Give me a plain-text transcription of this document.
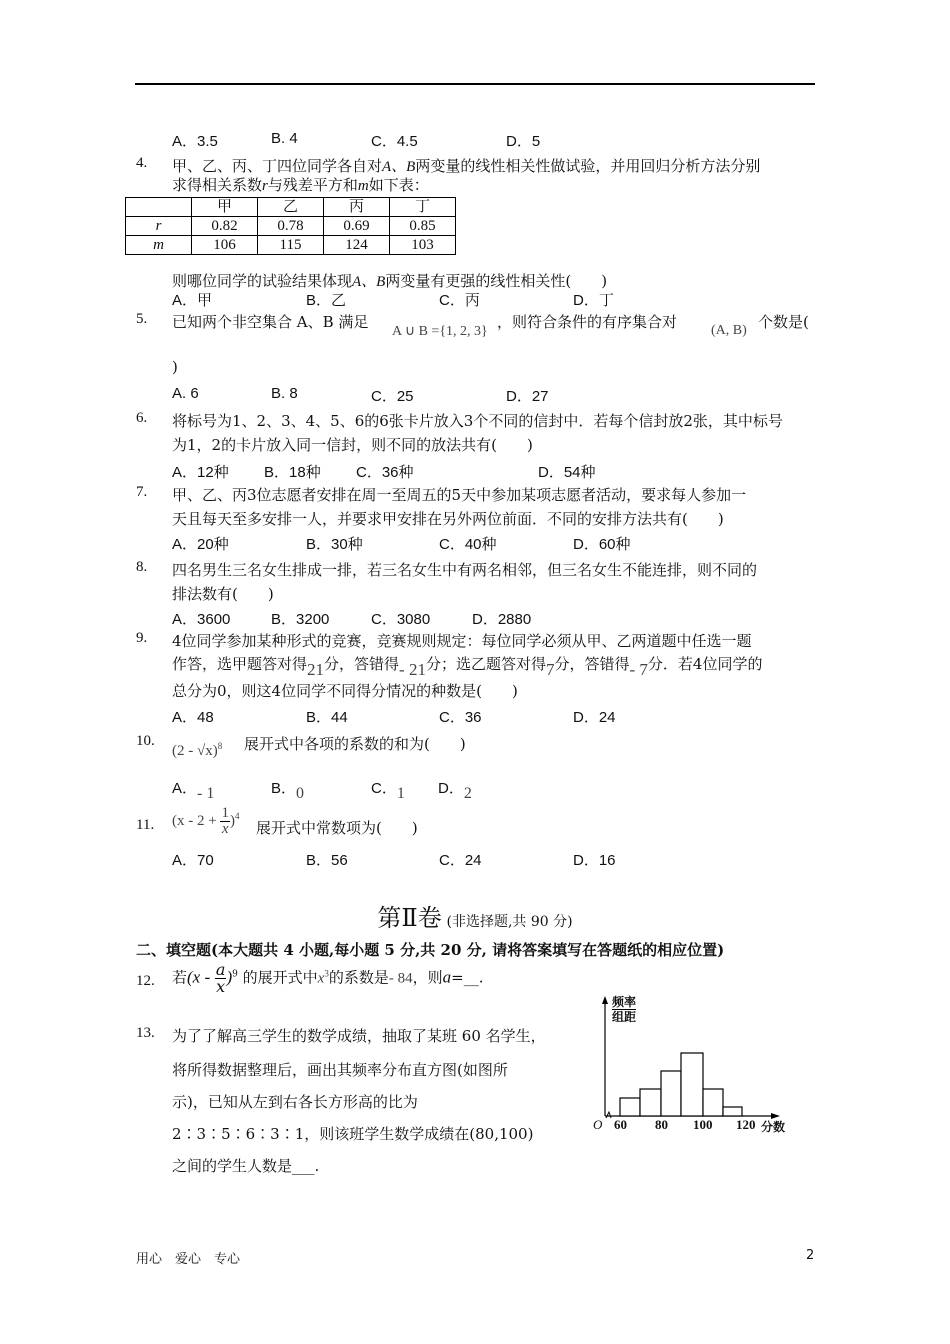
A．3.5	B. 4	C．4.5	D．5
4. 甲、乙、丙、丁四位同学各自对A、B两变量的线性相关性做试验，并用回归分析方法分别
求得相关系数r与残差平方和m如下表：
	甲	乙	丙	丁
r	0.82	0.78	0.69	0.85
m	106	115	124	103
则哪位同学的试验结果体现A、B两变量有更强的线性相关性(　　)
A．甲	B．乙	C．丙	D．丁
5. 已知两个非空集合 A、B 满足
A ∪ B ={1, 2, 3}
，则符合条件的有序集合对 (A, B) 个数是(
)
A. 6	B. 8	C．25	D．27
6. 将标号为1、2、3、4、5、6的6张卡片放入3个不同的信封中．若每个信封放2张，其中标号
为1，2的卡片放入同一信封，则不同的放法共有(　　)
A．12种 B．18种 C．36种	D．54种
7. 甲、乙、丙3位志愿者安排在周一至周五的5天中参加某项志愿者活动，要求每人参加一
天且每天至多安排一人，并要求甲安排在另外两位前面．不同的安排方法共有(　　)
A．20种	B．30种	C．40种	D．60种
8. 四名男生三名女生排成一排，若三名女生中有两名相邻，但三名女生不能连排，则不同的
排法数有(　　)
A．3600	B．3200	C．3080	D．2880
9. 4位同学参加某种形式的竞赛，竞赛规则规定：每位同学必须从甲、乙两道题中任选一题
作答，选甲题答对得21分，答错得- 21分；选乙题答对得7分，答错得- 7分．若4位同学的
总分为0，则这4位同学不同得分情况的种数是(　　)
A．48	B．44	C．36	D．24
10.
(2 - √x)$^8$ 展开式中各项的系数的和为(　　)
A．- 1	B．0	C．1 D．2
11. $(x - 2 + \frac{1}{x} )^4$
展开式中常数项为(　　)
A．70	B．56	C．24	D．16
第Ⅱ卷 (非选择题,共 90 分)
二、填空题(本大题共 4 小题,每小题 5 分,共 20 分, 请将答案填写在答题纸的相应位置)
12. 若$(x - \frac{a}{x} )^9$ 的展开式中$x^3$的系数是- 84，则a=__.
13. 为了了解高三学生的数学成绩，抽取了某班 60 名学生，
将所得数据整理后，画出其频率分布直方图(如图所
示)，已知从左到右各长方形高的比为
2∶3∶5∶6∶3∶1，则该班学生数学成绩在(80,100)
之间的学生人数是___.
频率
组距
O 60 80 100 120 分数
用心　爱心　专心	2
